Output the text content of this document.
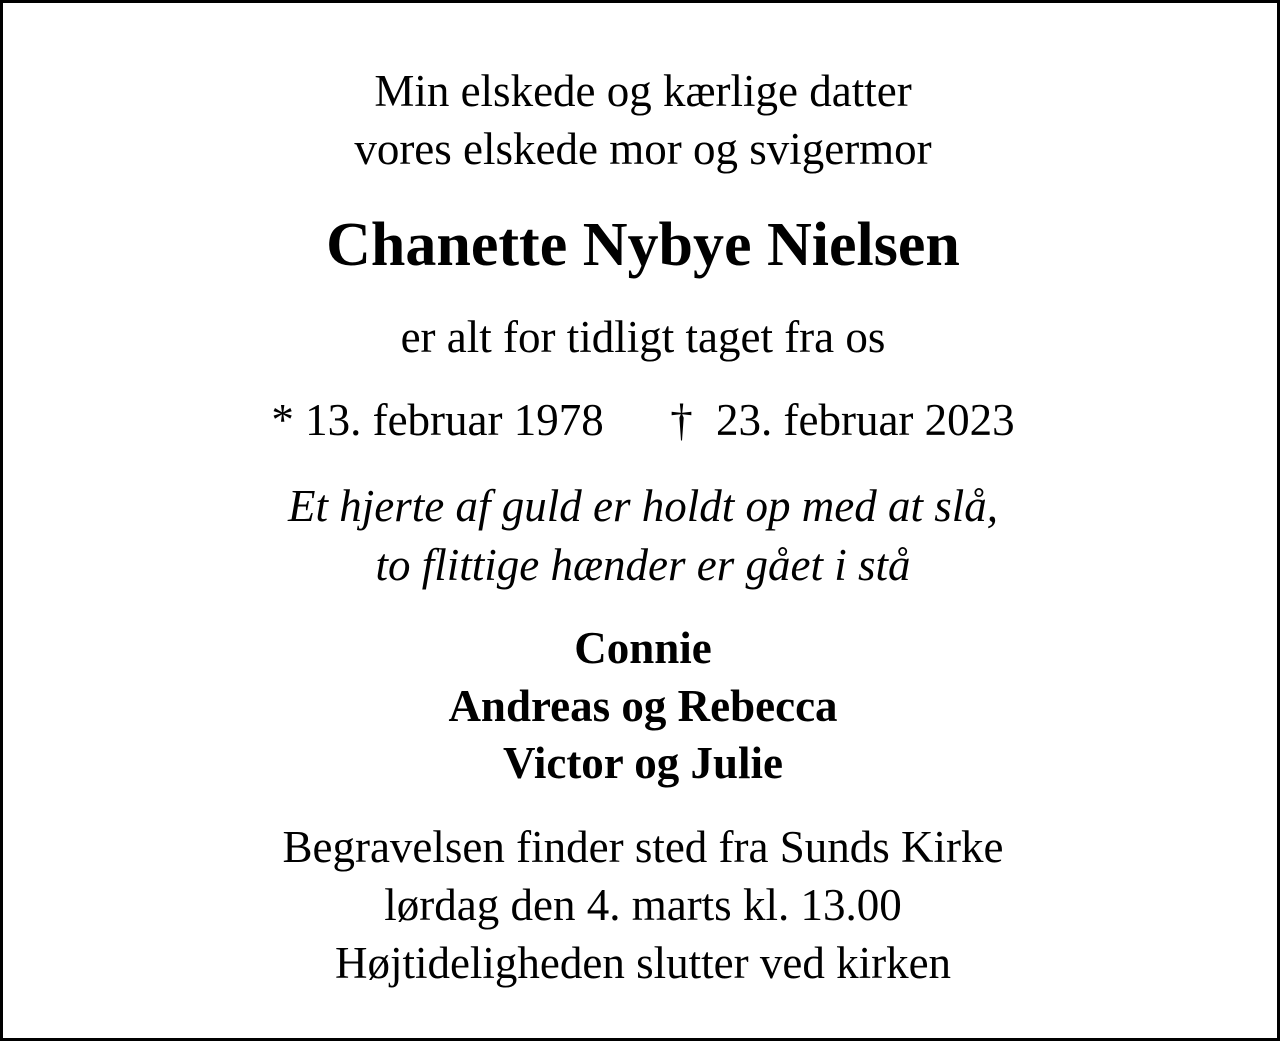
Min elskede og kærlige datter
vores elskede mor og svigermor
Chanette Nybye Nielsen
er alt for tidligt taget fra os
* 13. februar 1978 † 23. februar 2023
Et hjerte af guld er holdt op med at slå,
to flittige hænder er gået i stå
Connie
Andreas og Rebecca
Victor og Julie
Begravelsen finder sted fra Sunds Kirke
lørdag den 4. marts kl. 13.00
Højtideligheden slutter ved kirken
